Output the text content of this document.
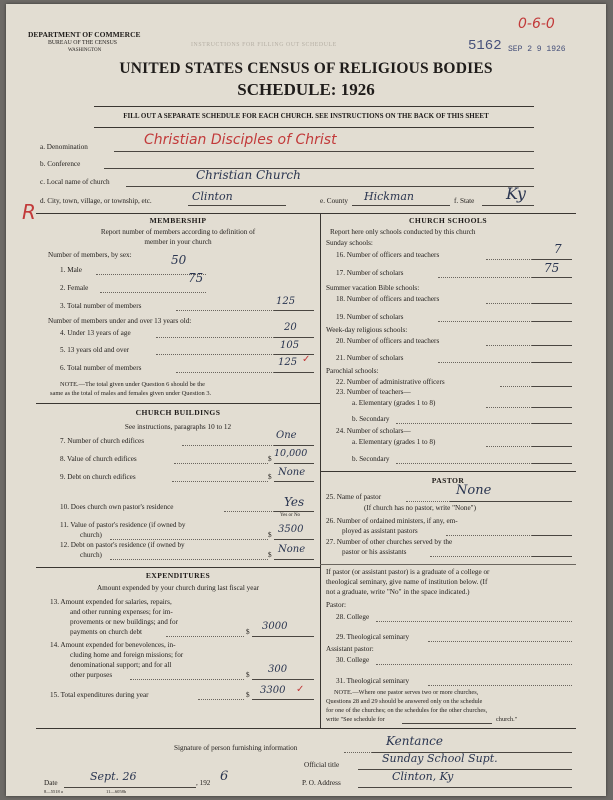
DEPARTMENT OF COMMERCE
BUREAU OF THE CENSUS
WASHINGTON
INSTRUCTIONS FOR FILLING OUT SCHEDULE	5162 SEP 2 9 1926
0-6-0
UNITED STATES CENSUS OF RELIGIOUS BODIES
SCHEDULE: 1926
FILL OUT A SEPARATE SCHEDULE FOR EACH CHURCH. SEE INSTRUCTIONS ON THE BACK OF THIS SHEET
a. Denomination	Christian Disciples of Christ
b. Conference
c. Local name of church	Christian Church
d. City, town, village, or township, etc.	Clinton	e. County Hickman	f. State Ky
R	MEMBERSHIP
Report number of members according to definition of
member in your church
Number of members, by sex:
1. Male
50
2. Female
75
3. Total number of members	125
Number of members under and over 13 years old:
4. Under 13 years of age	20
5. 13 years old and over	105
6. Total number of members	125 ✓
NOTE.—The total given under Question 6 should be the
same as the total of males and females given under Question 3.
CHURCH BUILDINGS
See instructions, paragraphs 10 to 12
7. Number of church edifices	One
8. Value of church edifices	$ 10,000
9. Debt on church edifices	$ None
10. Does church own pastor's residence	Yes
Yes or No
11. Value of pastor's residence (if owned by
church)	$ 3500
12. Debt on pastor's residence (if owned by
church)	$ None
EXPENDITURES
Amount expended by your church during last fiscal year
13. Amount expended for salaries, repairs,
and other running expenses; for im-
provements or new buildings; and for
payments on church debt	$ 3000
14. Amount expended for benevolences, in-
cluding home and foreign missions; for
denominational support; and for all
other purposes	$ 300
15. Total expenditures during year	$ 3300 ✓
CHURCH SCHOOLS
Report here only schools conducted by this church
Sunday schools:
16. Number of officers and teachers	7
17. Number of scholars	75
Summer vacation Bible schools:
18. Number of officers and teachers
19. Number of scholars
Week-day religious schools:
20. Number of officers and teachers
21. Number of scholars
Parochial schools:
22. Number of administrative officers
23. Number of teachers—
a. Elementary (grades 1 to 8)
b. Secondary
24. Number of scholars—
a. Elementary (grades 1 to 8)
b. Secondary
PASTOR
25. Name of pastor	None
(If church has no pastor, write "None")
26. Number of ordained ministers, if any, em-
ployed as assistant pastors
27. Number of other churches served by the
pastor or his assistants
If pastor (or assistant pastor) is a graduate of a college or
theological seminary, give name of institution below. (If
not a graduate, write "No" in the space indicated.)
Pastor:
28. College
29. Theological seminary
Assistant pastor:
30. College
31. Theological seminary
NOTE.—Where one pastor serves two or more churches,
Questions 28 and 29 should be answered only on the schedule
for one of the churches; on the schedules for the other churches,
write "See schedule for	church."
Signature of person furnishing information	Kentance
Official title	Sunday School Supt.
Date	Sept. 26	, 192 6	P. O. Address	Clinton, Ky
8—5518 a	11—6058b
